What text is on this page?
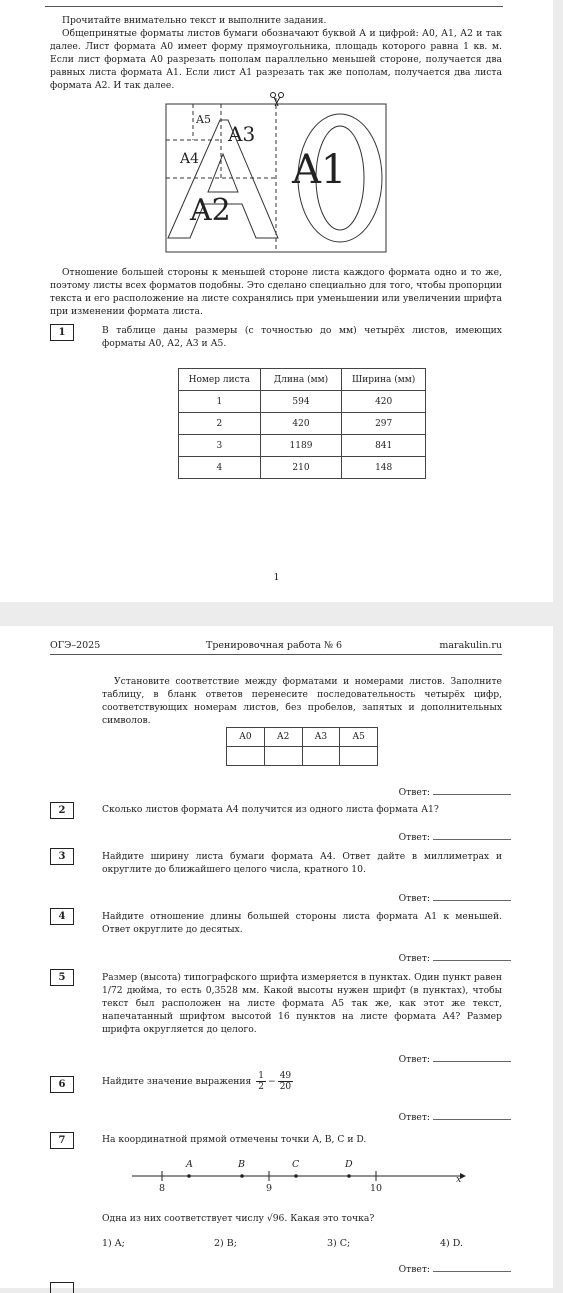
Прочитайте внимательно текст и выполните задания.
Общепринятые форматы листов бумаги обозначают буквой А и цифрой: А0, А1, А2 и так далее. Лист формата А0 имеет форму прямоугольника, площадь которого равна 1 кв. м. Если лист формата А0 разрезать пополам параллельно меньшей стороне, получается два равных листа формата А1. Если лист А1 разрезать так же пополам, получается два листа формата А2. И так далее.
A5
A3
A4
A2
A1
Отношение большей стороны к меньшей стороне листа каждого формата одно и то же, поэтому листы всех форматов подобны. Это сделано специально для того, чтобы пропорции текста и его расположение на листе сохранялись при уменьшении или увеличении шрифта при изменении формата листа.
1	В таблице даны размеры (с точностью до мм) четырёх листов, имеющих форматы А0, А2, А3 и А5.
Номер листа	Длина (мм)	Ширина (мм)
1	594	420
2	420	297
3	1189	841
4	210	148
1
ОГЭ–2025	Тренировочная работа № 6	marakulin.ru
Установите соответствие между форматами и номерами листов. Заполните таблицу, в бланк ответов перенесите последовательность четырёх цифр, соответствующих номерам листов, без пробелов, запятых и дополнительных символов.
А0	А2	А3	А5

Ответ:
2	Сколько листов формата А4 получится из одного листа формата А1?
Ответ:
3	Найдите ширину листа бумаги формата А4. Ответ дайте в миллиметрах и округлите до ближайшего целого числа, кратного 10.
Ответ:
4	Найдите отношение длины большей стороны листа формата А1 к меньшей. Ответ округлите до десятых.
Ответ:
5	Размер (высота) типографского шрифта измеряется в пунктах. Один пункт равен 1/72 дюйма, то есть 0,3528 мм. Какой высоты нужен шрифт (в пунктах), чтобы текст был расположен на листе формата А5 так же, как этот же текст, напечатанный шрифтом высотой 16 пунктов на листе формата А4? Размер шрифта округляется до целого.
Ответ:
6	Найдите значение выражения $\frac{1}{2} - \frac{49}{20}$
Ответ:
7	На координатной прямой отмечены точки A, B, C и D.
A	B	C	D
8	9	10
x
Одна из них соответствует числу √96. Какая это точка?
1) A;	2) B;	3) C;	4) D.
Ответ:
